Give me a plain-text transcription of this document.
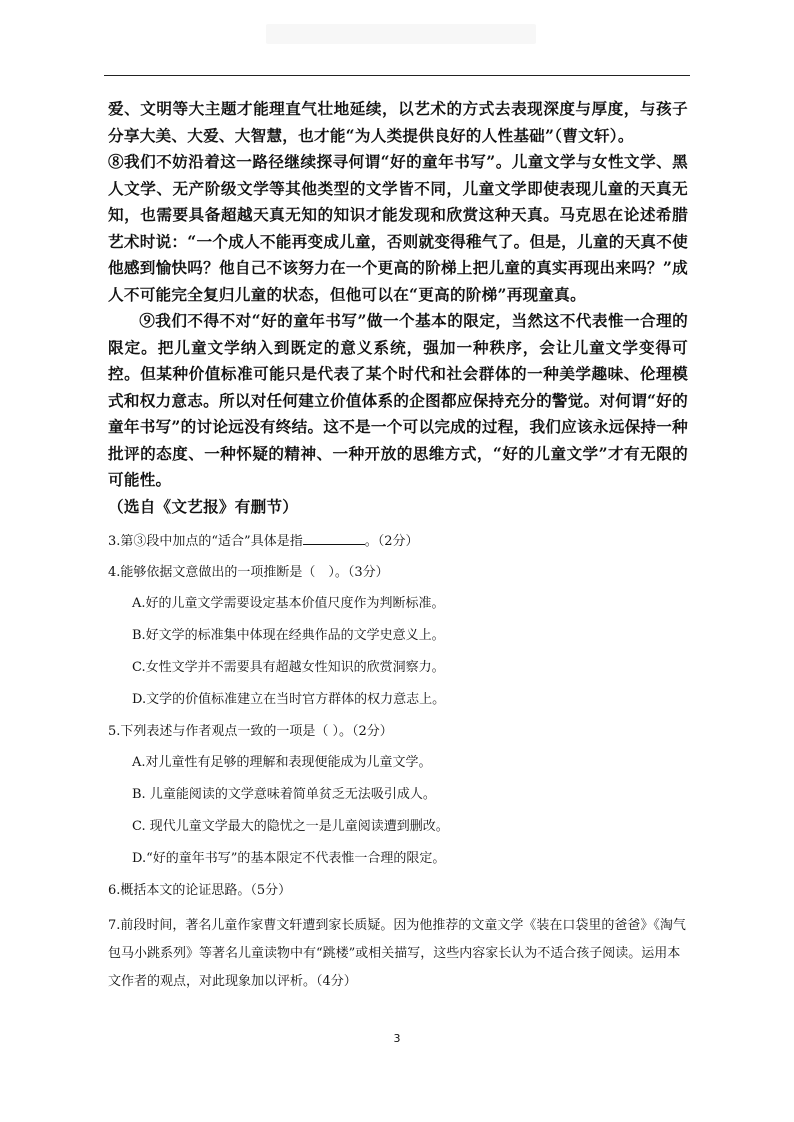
爱、文明等大主题才能理直气壮地延续，以艺术的方式去表现深度与厚度，与孩子分享大美、大爱、大智慧，也才能“为人类提供良好的人性基础”（曹文轩）。

⑧我们不妨沿着这一路径继续探寻何谓“好的童年书写”。儿童文学与女性文学、黑人文学、无产阶级文学等其他类型的文学皆不同，儿童文学即使表现儿童的天真无知，也需要具备超越天真无知的知识才能发现和欣赏这种天真。马克思在论述希腊艺术时说：“一个成人不能再变成儿童，否则就变得稚气了。但是，儿童的天真不使他感到愉快吗？他自己不该努力在一个更高的阶梯上把儿童的真实再现出来吗？”成人不可能完全复归儿童的状态，但他可以在“更高的阶梯”再现童真。

⑨我们不得不对“好的童年书写”做一个基本的限定，当然这不代表惟一合理的限定。把儿童文学纳入到既定的意义系统，强加一种秩序，会让儿童文学变得可控。但某种价值标准可能只是代表了某个时代和社会群体的一种美学趣味、伦理模式和权力意志。所以对任何建立价值体系的企图都应保持充分的警觉。对何谓“好的童年书写”的讨论远没有终结。这不是一个可以完成的过程，我们应该永远保持一种批评的态度、一种怀疑的精神、一种开放的思维方式，“好的儿童文学”才有无限的可能性。

（选自《文艺报》有删节）

3.第③段中加点的“适合”具体是指	。（2分）

4.能够依据文意做出的一项推断是（　）。（3分）

A.好的儿童文学需要设定基本价值尺度作为判断标准。

B.好文学的标准集中体现在经典作品的文学史意义上。

C.女性文学并不需要具有超越女性知识的欣赏洞察力。

D.文学的价值标准建立在当时官方群体的权力意志上。

5.下列表述与作者观点一致的一项是（ ）。（2分）

A.对儿童性有足够的理解和表现便能成为儿童文学。

B. 儿童能阅读的文学意味着简单贫乏无法吸引成人。

C. 现代儿童文学最大的隐忧之一是儿童阅读遭到删改。

D.“好的童年书写”的基本限定不代表惟一合理的限定。

6.概括本文的论证思路。（5分）

7.前段时间，著名儿童作家曹文轩遭到家长质疑。因为他推荐的文童文学《装在口袋里的爸爸》《淘气包马小跳系列》等著名儿童读物中有“跳楼”或相关描写，这些内容家长认为不适合孩子阅读。运用本文作者的观点，对此现象加以评析。（4分）

3
